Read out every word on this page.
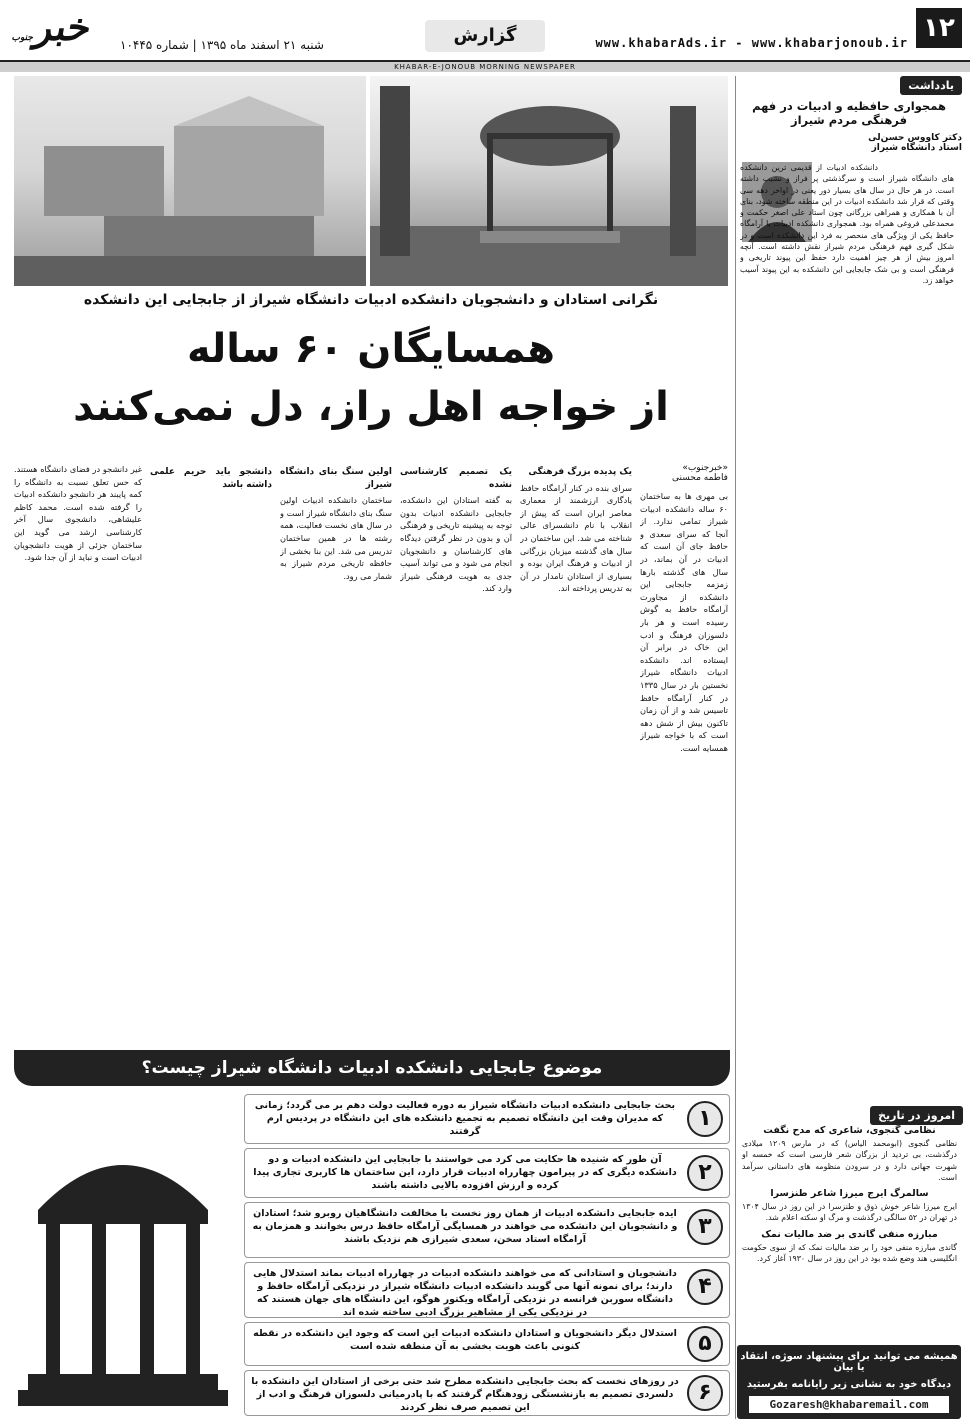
۱۲
www.khabarAds.ir - www.khabarjonoub.ir
گزارش
خبرجنوب	شنبه ۲۱ اسفند ماه ۱۳۹۵ | شماره ۱۰۴۴۵
KHABAR-E-JONOUB MORNING NEWSPAPER
نگرانی استادان و دانشجویان دانشکده ادبیات دانشگاه شیراز از جابجایی این دانشکده
همسایگان ۶۰ ساله
از خواجه اهل راز، دل نمی‌کنند
«خبرجنوب»
فاطمه محسنی

بی مهری ها به ساختمان ۶۰ ساله دانشکده ادبیات شیراز تمامی ندارد. از آنجا که سرای سعدی و حافظ جای آن است که ادبیات در آن بماند، در سال های گذشته بارها زمزمه جابجایی این دانشکده از مجاورت آرامگاه حافظ به گوش رسیده است و هر بار دلسوزان فرهنگ و ادب این خاک در برابر آن ایستاده اند. دانشکده ادبیات دانشگاه شیراز نخستین بار در سال ۱۳۳۵ در کنار آرامگاه حافظ تاسیس شد و از آن زمان تاکنون بیش از شش دهه است که با خواجه شیراز همسایه است.

یک پدیده بزرگ فرهنگی

سرای بنده در کنار آرامگاه حافظ یادگاری ارزشمند از معماری معاصر ایران است که پیش از انقلاب با نام دانشسرای عالی شناخته می شد. این ساختمان در سال های گذشته میزبان بزرگانی از ادبیات و فرهنگ ایران بوده و بسیاری از استادان نامدار در آن به تدریس پرداخته اند.

یک تصمیم کارشناسی نشده

به گفته استادان این دانشکده، جابجایی دانشکده ادبیات بدون توجه به پیشینه تاریخی و فرهنگی آن و بدون در نظر گرفتن دیدگاه های کارشناسان و دانشجویان انجام می شود و می تواند آسیب جدی به هویت فرهنگی شیراز وارد کند.

اولین سنگ بنای دانشگاه شیراز

ساختمان دانشکده ادبیات اولین سنگ بنای دانشگاه شیراز است و در سال های نخست فعالیت، همه رشته ها در همین ساختمان تدریس می شد. این بنا بخشی از حافظه تاریخی مردم شیراز به شمار می رود.

دانشجو باید حریم علمی داشته باشد

غیر دانشجو در فضای دانشگاه هستند. که حس تعلق نسبت به دانشگاه را کمه پایبند هر دانشجو دانشکده ادبیات را گرفته شده است. محمد کاظم علیشاهی، دانشجوی سال آخر کارشناسی ارشد می گوید این ساختمان جزئی از هویت دانشجویان ادبیات است و نباید از آن جدا شود.

موضوع جابجایی دانشکده ادبیات دانشگاه شیراز چیست؟
۱
بحث جابجایی دانشکده ادبیات دانشگاه شیراز به دوره فعالیت دولت دهم بر می گردد؛ زمانی که مدیران وقت این دانشگاه تصمیم به تجمیع دانشکده های این دانشگاه در پردیس ارم گرفتند
۲
آن طور که شنیده ها حکایت می کرد می خواستند با جابجایی این دانشکده ادبیات و دو دانشکده دیگری که در پیرامون چهارراه ادبیات قرار دارد، این ساختمان ها کاربری تجاری پیدا کرده و ارزش افزوده بالایی داشته باشند
۳
ایده جابجایی دانشکده ادبیات از همان روز نخست با مخالفت دانشگاهیان روبرو شد؛ استادان و دانشجویان این دانشکده می خواهند در همسایگی آرامگاه حافظ درس بخوانند و همزمان به آرامگاه استاد سخن، سعدی شیرازی هم نزدیک باشند
۴
دانشجویان و استادانی که می خواهند دانشکده ادبیات در چهارراه ادبیات بماند استدلال هایی دارند؛ برای نمونه آنها می گویند دانشکده ادبیات دانشگاه شیراز در نزدیکی آرامگاه حافظ و دانشگاه سوربن فرانسه در نزدیکی آرامگاه ویکتور هوگو، این دانشگاه های جهان هستند که در نزدیکی یکی از مشاهیر بزرگ ادبی ساخته شده اند
۵
استدلال دیگر دانشجویان و استادان دانشکده ادبیات این است که وجود این دانشکده در نقطه کنونی باعث هویت بخشی به آن منطقه شده است
۶
در روزهای نخست که بحث جابجایی دانشکده مطرح شد حتی برخی از استادان این دانشکده با دلسردی تصمیم به بازنشستگی زودهنگام گرفتند که با پادرمیانی دلسوزان فرهنگ و ادب از این تصمیم صرف نظر کردند
یادداشت
همجواری حافظیه و ادبیات در فهم فرهنگی مردم شیراز
دکتر کاووس حسن‌لی
استاد دانشگاه شیراز
دانشکده ادبیات از قدیمی ترین دانشکده های دانشگاه شیراز است و سرگذشتی پر فراز و نشیب داشته است. در هر حال در سال های بسیار دور یعنی در اواخر دهه سی وقتی که قرار شد دانشکده ادبیات در این منطقه ساخته شود، بنای آن با همکاری و همراهی بزرگانی چون استاد علی اصغر حکمت و محمدعلی فروغی همراه بود. همجواری دانشکده ادبیات با آرامگاه حافظ یکی از ویژگی های منحصر به فرد این دانشکده است و در شکل گیری فهم فرهنگی مردم شیراز نقش داشته است. آنچه امروز بیش از هر چیز اهمیت دارد حفظ این پیوند تاریخی و فرهنگی است و بی شک جابجایی این دانشکده به این پیوند آسیب خواهد زد.
امروز در تاریخ
نظامی گنجوی، شاعری که مدح نگفت
نظامی گنجوی (ابومحمد الیاس) که در مارس ۱۲۰۹ میلادی درگذشت، بی تردید از بزرگان شعر فارسی است که خمسه او شهرت جهانی دارد و در سرودن منظومه های داستانی سرآمد است.
سالمرگ ایرج میرزا شاعر طنزسرا
ایرج میرزا شاعر خوش ذوق و طنزسرا در این روز در سال ۱۳۰۴ در تهران در ۵۲ سالگی درگذشت و مرگ او سکته اعلام شد.
مبارزه منفی گاندی بر ضد مالیات نمک
گاندی مبارزه منفی خود را بر ضد مالیات نمک که از سوی حکومت انگلیسی هند وضع شده بود در این روز در سال ۱۹۳۰ آغاز کرد.
همیشه می توانید برای پیشنهاد سوژه، انتقاد یا بیان
دیدگاه خود به نشانی زیر رایانامه بفرستید
Gozaresh@khabaremail.com
